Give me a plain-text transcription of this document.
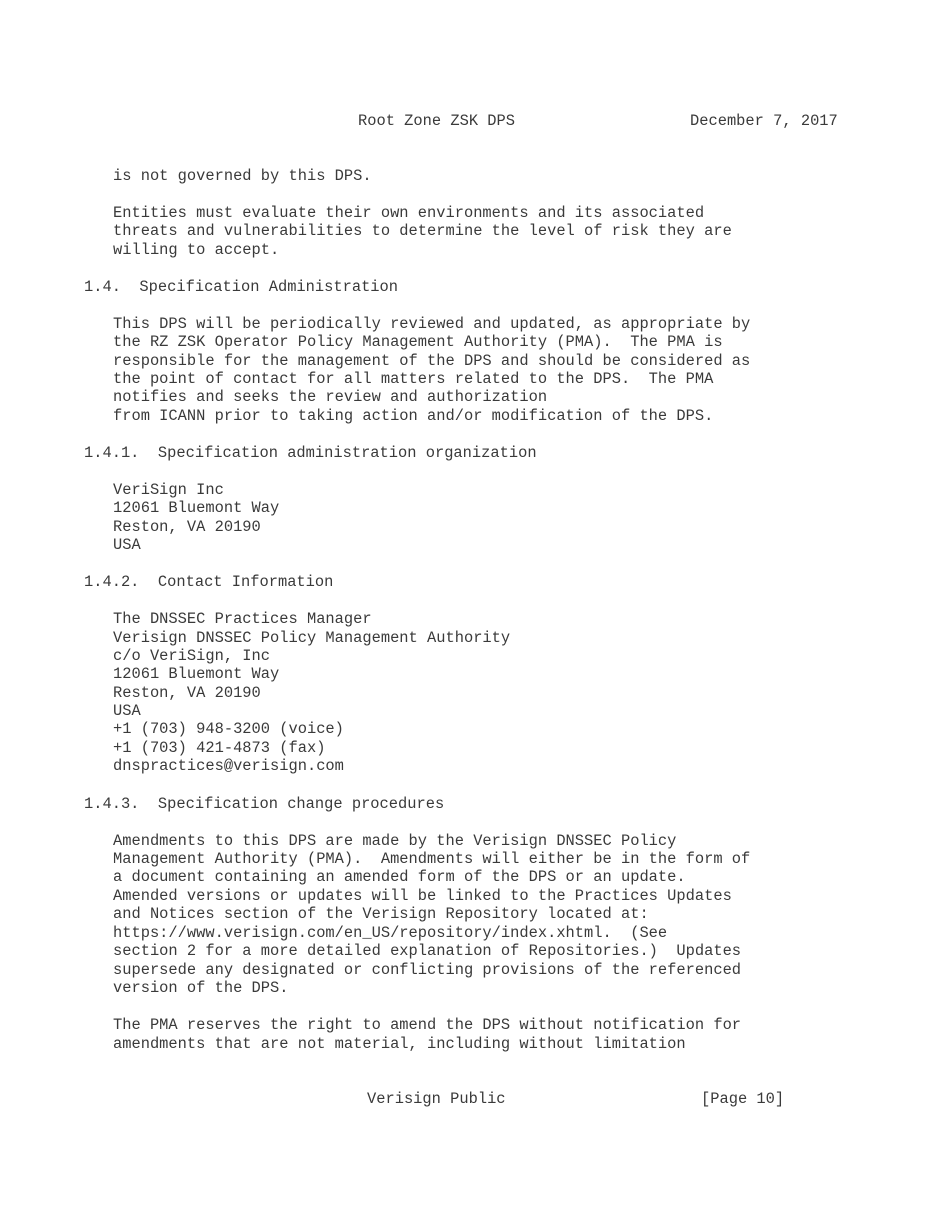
Root Zone ZSK DPS	December 7, 2017
is not governed by this DPS.
Entities must evaluate their own environments and its associated
threats and vulnerabilities to determine the level of risk they are
willing to accept.
1.4.  Specification Administration
This DPS will be periodically reviewed and updated, as appropriate by
the RZ ZSK Operator Policy Management Authority (PMA).  The PMA is
responsible for the management of the DPS and should be considered as
the point of contact for all matters related to the DPS.  The PMA
notifies and seeks the review and authorization
from ICANN prior to taking action and/or modification of the DPS.
1.4.1.  Specification administration organization
VeriSign Inc
12061 Bluemont Way
Reston, VA 20190
USA
1.4.2.  Contact Information
The DNSSEC Practices Manager
Verisign DNSSEC Policy Management Authority
c/o VeriSign, Inc
12061 Bluemont Way
Reston, VA 20190
USA
+1 (703) 948-3200 (voice)
+1 (703) 421-4873 (fax)
dnspractices@verisign.com
1.4.3.  Specification change procedures
Amendments to this DPS are made by the Verisign DNSSEC Policy
Management Authority (PMA).  Amendments will either be in the form of
a document containing an amended form of the DPS or an update.
Amended versions or updates will be linked to the Practices Updates
and Notices section of the Verisign Repository located at:
https://www.verisign.com/en_US/repository/index.xhtml.  (See
section 2 for a more detailed explanation of Repositories.)  Updates
supersede any designated or conflicting provisions of the referenced
version of the DPS.
The PMA reserves the right to amend the DPS without notification for
amendments that are not material, including without limitation
Verisign Public	[Page 10]
